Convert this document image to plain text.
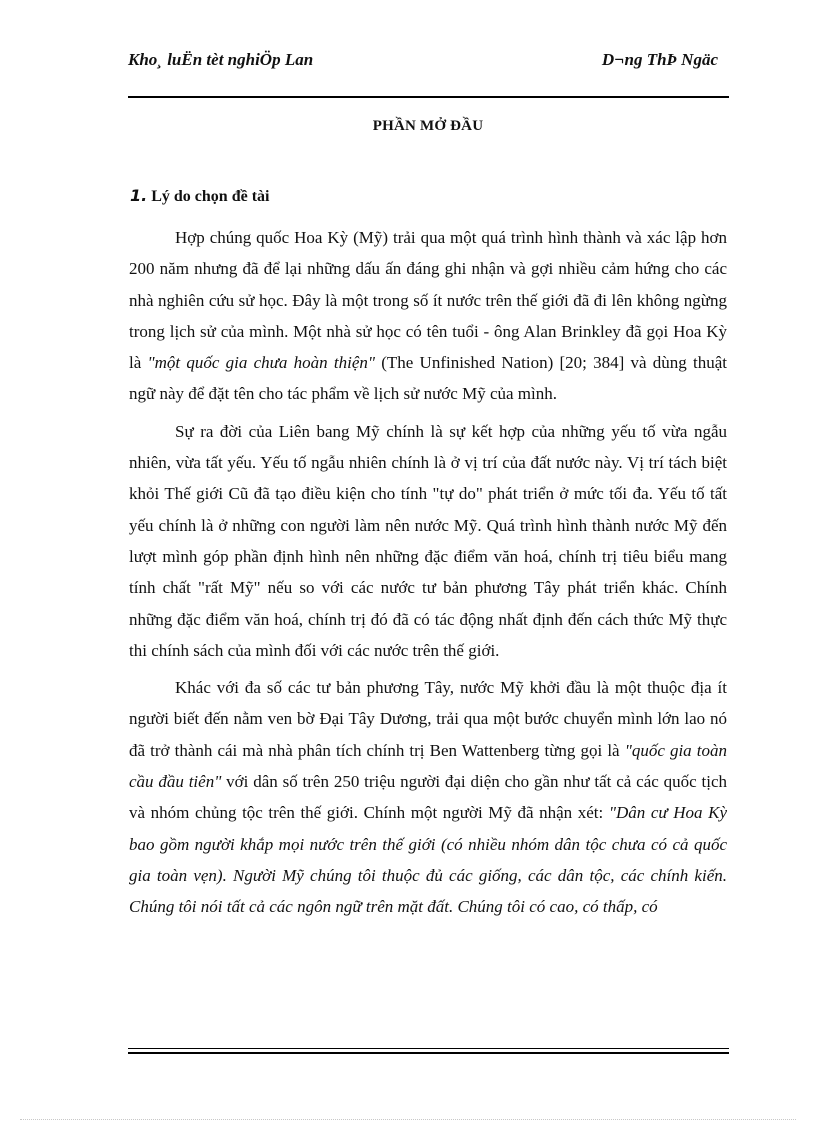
Kho¸ luËn tèt nghiÖp Lan	D¬ng ThÞ Ngäc
PHẦN MỞ ĐẦU
1. Lý do chọn đề tài

Hợp chúng quốc Hoa Kỳ (Mỹ) trải qua một quá trình hình thành và xác lập hơn 200 năm nhưng đã để lại những dấu ấn đáng ghi nhận và gợi nhiều cảm hứng cho các nhà nghiên cứu sử học. Đây là một trong số ít nước trên thế giới đã đi lên không ngừng trong lịch sử của mình. Một nhà sử học có tên tuổi - ông Alan Brinkley đã gọi Hoa Kỳ là "một quốc gia chưa hoàn thiện" (The Unfinished Nation) [20; 384] và dùng thuật ngữ này để đặt tên cho tác phẩm về lịch sử nước Mỹ của mình.

Sự ra đời của Liên bang Mỹ chính là sự kết hợp của những yếu tố vừa ngẫu nhiên, vừa tất yếu. Yếu tố ngẫu nhiên chính là ở vị trí của đất nước này. Vị trí tách biệt khỏi Thế giới Cũ đã tạo điều kiện cho tính "tự do" phát triển ở mức tối đa. Yếu tố tất yếu chính là ở những con người làm nên nước Mỹ. Quá trình hình thành nước Mỹ đến lượt mình góp phần định hình nên những đặc điểm văn hoá, chính trị tiêu biểu mang tính chất "rất Mỹ" nếu so với các nước tư bản phương Tây phát triển khác. Chính những đặc điểm văn hoá, chính trị đó đã có tác động nhất định đến cách thức Mỹ thực thi chính sách của mình đối với các nước trên thế giới.

Khác với đa số các tư bản phương Tây, nước Mỹ khởi đầu là một thuộc địa ít người biết đến nằm ven bờ Đại Tây Dương, trải qua một bước chuyển mình lớn lao nó đã trở thành cái mà nhà phân tích chính trị Ben Wattenberg từng gọi là "quốc gia toàn cầu đầu tiên" với dân số trên 250 triệu người đại diện cho gần như tất cả các quốc tịch và nhóm chủng tộc trên thế giới. Chính một người Mỹ đã nhận xét: "Dân cư Hoa Kỳ bao gồm người khắp mọi nước trên thế giới (có nhiều nhóm dân tộc chưa có cả quốc gia toàn vẹn). Người Mỹ chúng tôi thuộc đủ các giống, các dân tộc, các chính kiến. Chúng tôi nói tất cả các ngôn ngữ trên mặt đất. Chúng tôi có cao, có thấp, có
